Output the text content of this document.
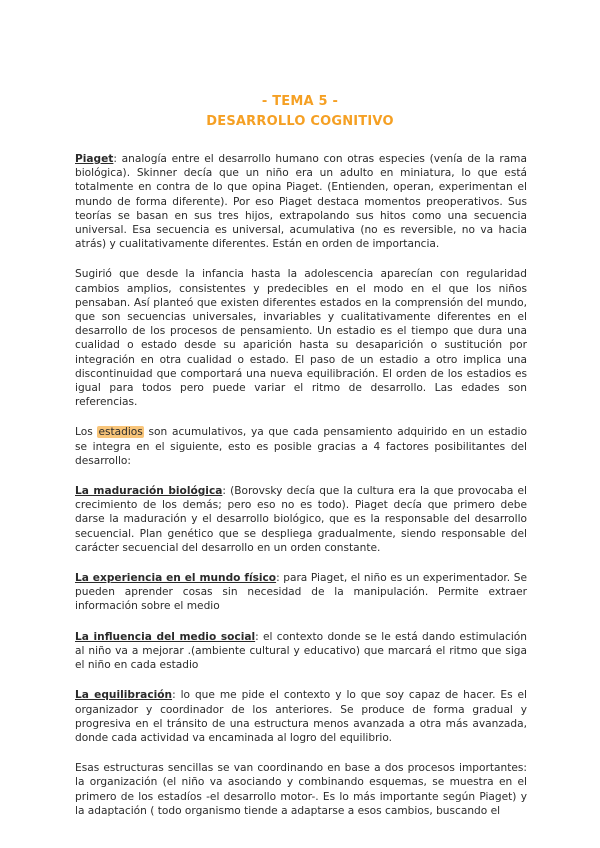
- TEMA 5 -
DESARROLLO COGNITIVO

Piaget: analogía entre el desarrollo humano con otras especies (venía de la rama biológica). Skinner decía que un niño era un adulto en miniatura, lo que está totalmente en contra de lo que opina Piaget. (Entienden, operan, experimentan el mundo de forma diferente). Por eso Piaget destaca momentos preoperativos. Sus teorías se basan en sus tres hijos, extrapolando sus hitos como una secuencia universal. Esa secuencia es universal, acumulativa (no es reversible, no va hacia atrás) y cualitativamente diferentes. Están en orden de importancia.

Sugirió que desde la infancia hasta la adolescencia aparecían con regularidad cambios amplios, consistentes y predecibles en el modo en el que los niños pensaban. Así planteó que existen diferentes estados en la comprensión del mundo, que son secuencias universales, invariables y cualitativamente diferentes en el desarrollo de los procesos de pensamiento. Un estadio es el tiempo que dura una cualidad o estado desde su aparición hasta su desaparición o sustitución por integración en otra cualidad o estado. El paso de un estadio a otro implica una discontinuidad que comportará una nueva equilibración. El orden de los estadios es igual para todos pero puede variar el ritmo de desarrollo. Las edades son referencias.

Los estadios son acumulativos, ya que cada pensamiento adquirido en un estadio se integra en el siguiente, esto es posible gracias a 4 factores posibilitantes del desarrollo:

La maduración biológica: (Borovsky decía que la cultura era la que provocaba el crecimiento de los demás; pero eso no es todo). Piaget decía que primero debe darse la maduración y el desarrollo biológico, que es la responsable del desarrollo secuencial. Plan genético que se despliega gradualmente, siendo responsable del carácter secuencial del desarrollo en un orden constante.

La experiencia en el mundo físico: para Piaget, el niño es un experimentador. Se pueden aprender cosas sin necesidad de la manipulación. Permite extraer información sobre el medio

La influencia del medio social: el contexto donde se le está dando estimulación al niño va a mejorar .(ambiente cultural y educativo) que marcará el ritmo que siga el niño en cada estadio

La equilibración: lo que me pide el contexto y lo que soy capaz de hacer. Es el organizador y coordinador de los anteriores. Se produce de forma gradual y progresiva en el tránsito de una estructura menos avanzada a otra más avanzada, donde cada actividad va encaminada al logro del equilibrio.

Esas estructuras sencillas se van coordinando en base a dos procesos importantes: la organización (el niño va asociando y combinando esquemas, se muestra en el primero de los estadíos -el desarrollo motor-. Es lo más importante según Piaget) y la adaptación ( todo organismo tiende a adaptarse a esos cambios, buscando el
